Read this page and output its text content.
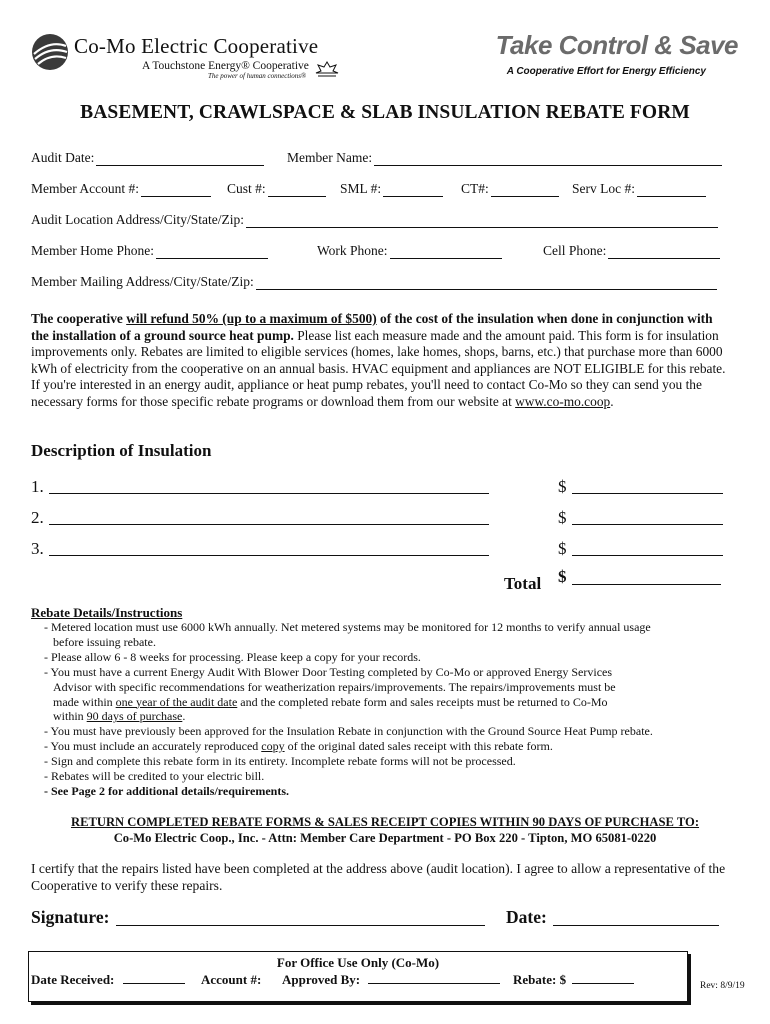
Co-Mo Electric Cooperative
A Touchstone Energy® Cooperative
The power of human connections®
Take Control & Save
A Cooperative Effort for Energy Efficiency
BASEMENT, CRAWLSPACE & SLAB INSULATION REBATE FORM
Audit Date:	Member Name:
Member Account #:	Cust #:	SML #:	CT#:	Serv Loc #:
Audit Location Address/City/State/Zip:
Member Home Phone:	Work Phone:	Cell Phone:
Member Mailing Address/City/State/Zip:
The cooperative will refund 50% (up to a maximum of $500) of the cost of the insulation when done in conjunction with the installation of a ground source heat pump. Please list each measure made and the amount paid. This form is for insulation improvements only. Rebates are limited to eligible services (homes, lake homes, shops, barns, etc.) that purchase more than 6000 kWh of electricity from the cooperative on an annual basis. HVAC equipment and appliances are NOT ELIGIBLE for this rebate. If you're interested in an energy audit, appliance or heat pump rebates, you'll need to contact Co-Mo so they can send you the necessary forms for those specific rebate programs or download them from our website at www.co-mo.coop.
Description of Insulation
1.	$
2.	$
3.	$
Total $
Rebate Details/Instructions
- Metered location must use 6000 kWh annually. Net metered systems may be monitored for 12 months to verify annual usage
before issuing rebate.
- Please allow 6 - 8 weeks for processing. Please keep a copy for your records.
- You must have a current Energy Audit With Blower Door Testing completed by Co-Mo or approved Energy Services
Advisor with specific recommendations for weatherization repairs/improvements. The repairs/improvements must be
made within one year of the audit date and the completed rebate form and sales receipts must be returned to Co-Mo
within 90 days of purchase.
- You must have previously been approved for the Insulation Rebate in conjunction with the Ground Source Heat Pump rebate.
- You must include an accurately reproduced copy of the original dated sales receipt with this rebate form.
- Sign and complete this rebate form in its entirety. Incomplete rebate forms will not be processed.
- Rebates will be credited to your electric bill.
- See Page 2 for additional details/requirements.
RETURN COMPLETED REBATE FORMS & SALES RECEIPT COPIES WITHIN 90 DAYS OF PURCHASE TO:
Co-Mo Electric Coop., Inc. - Attn: Member Care Department - PO Box 220 - Tipton, MO 65081-0220
I certify that the repairs listed have been completed at the address above (audit location). I agree to allow a representative of the Cooperative to verify these repairs.
Signature:	Date:
For Office Use Only (Co-Mo)
Date Received:	Account #: Approved By:	Rebate: $	Rev: 8/9/19
